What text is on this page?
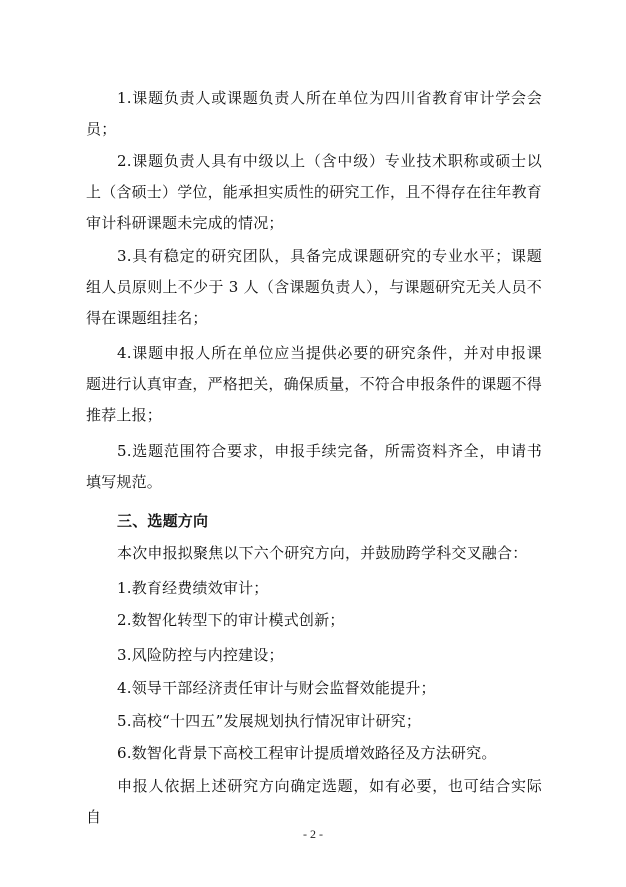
1.课题负责人或课题负责人所在单位为四川省教育审计学会会员；

2.课题负责人具有中级以上（含中级）专业技术职称或硕士以上（含硕士）学位，能承担实质性的研究工作，且不得存在往年教育审计科研课题未完成的情况；

3.具有稳定的研究团队，具备完成课题研究的专业水平；课题组人员原则上不少于 3 人（含课题负责人），与课题研究无关人员不得在课题组挂名；

4.课题申报人所在单位应当提供必要的研究条件，并对申报课题进行认真审查，严格把关，确保质量，不符合申报条件的课题不得推荐上报；

5.选题范围符合要求，申报手续完备，所需资料齐全，申请书填写规范。

三、选题方向

本次申报拟聚焦以下六个研究方向，并鼓励跨学科交叉融合：

1.教育经费绩效审计；

2.数智化转型下的审计模式创新；

3.风险防控与内控建设；

4.领导干部经济责任审计与财会监督效能提升；

5.高校“十四五”发展规划执行情况审计研究；

6.数智化背景下高校工程审计提质增效路径及方法研究。

申报人依据上述研究方向确定选题，如有必要，也可结合实际自

- 2 -
